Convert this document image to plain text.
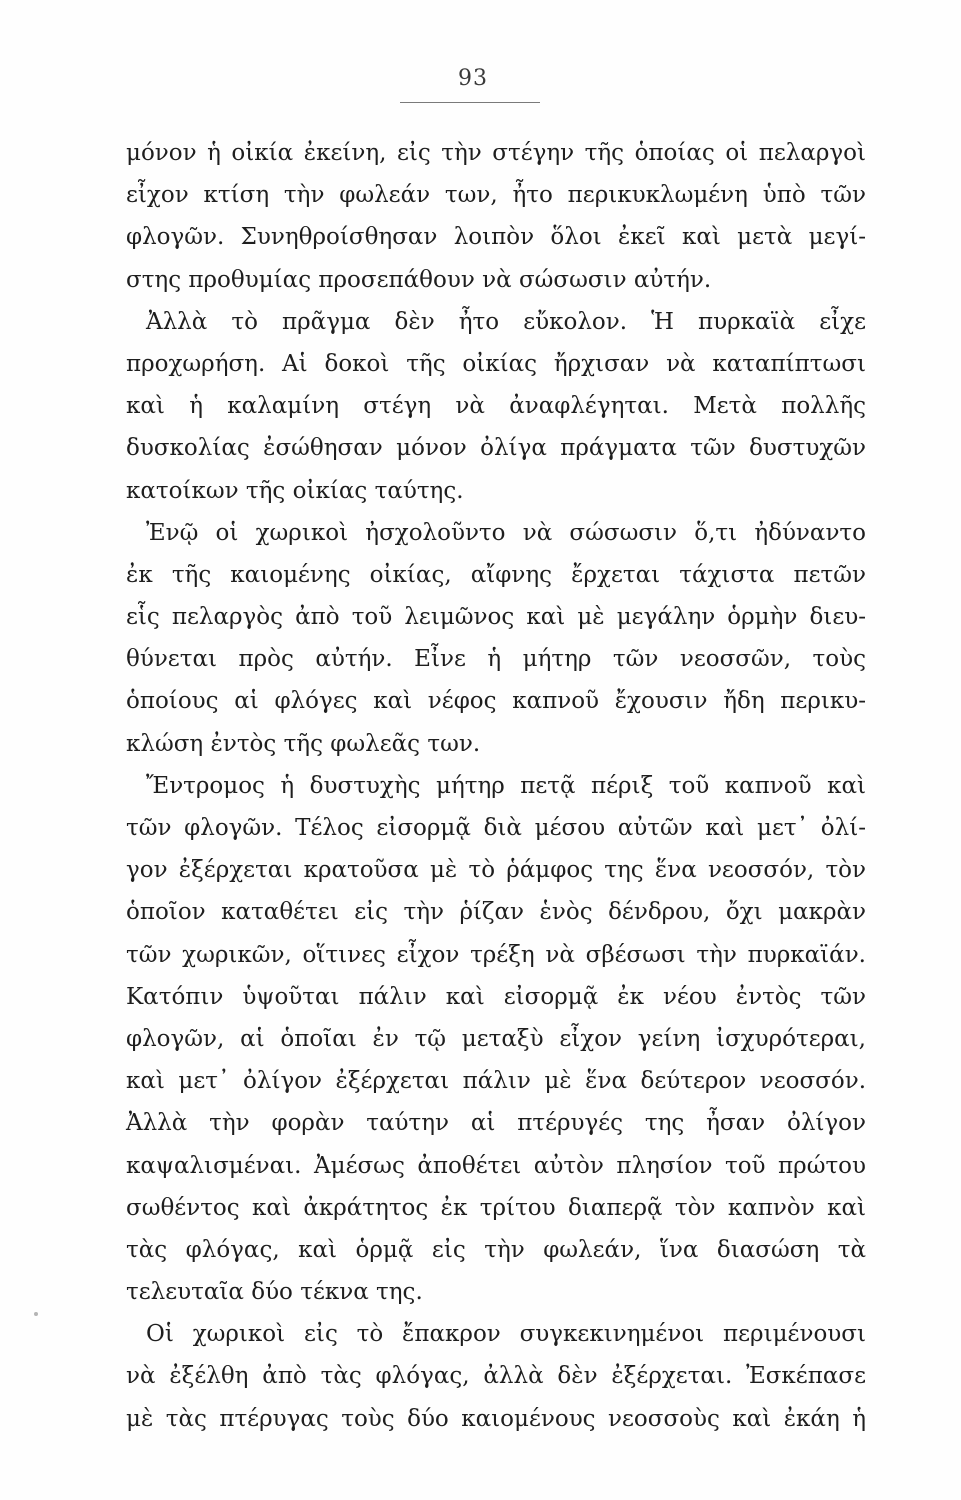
93
μόνον ἡ οἰκία ἐκείνη, εἰς τὴν στέγην τῆς ὁποίας οἱ πελαργοὶ
εἶχον κτίση τὴν φωλεάν των, ἦτο περικυκλωμένη ὑπὸ τῶν
φλογῶν. Συνηθροίσθησαν λοιπὸν ὅλοι ἐκεῖ καὶ μετὰ μεγί-
στης προθυμίας προσεπάθουν νὰ σώσωσιν αὐτήν.
Ἀλλὰ τὸ πρᾶγμα δὲν ἦτο εὔκολον. Ἡ πυρκαϊὰ εἶχε
προχωρήση. Αἱ δοκοὶ τῆς οἰκίας ἤρχισαν νὰ καταπίπτωσι
καὶ ἡ καλαμίνη στέγη νὰ ἀναφλέγηται. Μετὰ πολλῆς
δυσκολίας ἐσώθησαν μόνον ὀλίγα πράγματα τῶν δυστυχῶν
κατοίκων τῆς οἰκίας ταύτης.
Ἐνῷ οἱ χωρικοὶ ἠσχολοῦντο νὰ σώσωσιν ὅ,τι ἠδύναντο
ἐκ τῆς καιομένης οἰκίας, αἴφνης ἔρχεται τάχιστα πετῶν
εἷς πελαργὸς ἀπὸ τοῦ λειμῶνος καὶ μὲ μεγάλην ὁρμὴν διευ-
θύνεται πρὸς αὐτήν. Εἶνε ἡ μήτηρ τῶν νεοσσῶν, τοὺς
ὁποίους αἱ φλόγες καὶ νέφος καπνοῦ ἔχουσιν ἤδη περικυ-
κλώση ἐντὸς τῆς φωλεᾶς των.
Ἔντρομος ἡ δυστυχὴς μήτηρ πετᾷ πέριξ τοῦ καπνοῦ καὶ
τῶν φλογῶν. Τέλος εἰσορμᾷ διὰ μέσου αὐτῶν καὶ μετ᾽ ὀλί-
γον ἐξέρχεται κρατοῦσα μὲ τὸ ῥάμφος της ἕνα νεοσσόν, τὸν
ὁποῖον καταθέτει εἰς τὴν ῥίζαν ἑνὸς δένδρου, ὄχι μακρὰν
τῶν χωρικῶν, οἵτινες εἶχον τρέξη νὰ σβέσωσι τὴν πυρκαϊάν.
Κατόπιν ὑψοῦται πάλιν καὶ εἰσορμᾷ ἐκ νέου ἐντὸς τῶν
φλογῶν, αἱ ὁποῖαι ἐν τῷ μεταξὺ εἶχον γείνη ἰσχυρότεραι,
καὶ μετ᾽ ὀλίγον ἐξέρχεται πάλιν μὲ ἕνα δεύτερον νεοσσόν.
Ἀλλὰ τὴν φορὰν ταύτην αἱ πτέρυγές της ἦσαν ὀλίγον
καψαλισμέναι. Ἀμέσως ἀποθέτει αὐτὸν πλησίον τοῦ πρώτου
σωθέντος καὶ ἀκράτητος ἐκ τρίτου διαπερᾷ τὸν καπνὸν καὶ
τὰς φλόγας, καὶ ὁρμᾷ εἰς τὴν φωλεάν, ἵνα διασώση τὰ
τελευταῖα δύο τέκνα της.
Οἱ χωρικοὶ εἰς τὸ ἔπακρον συγκεκινημένοι περιμένουσι
νὰ ἐξέλθη ἀπὸ τὰς φλόγας, ἀλλὰ δὲν ἐξέρχεται. Ἐσκέπασε
μὲ τὰς πτέρυγας τοὺς δύο καιομένους νεοσσοὺς καὶ ἐκάη ἡ
